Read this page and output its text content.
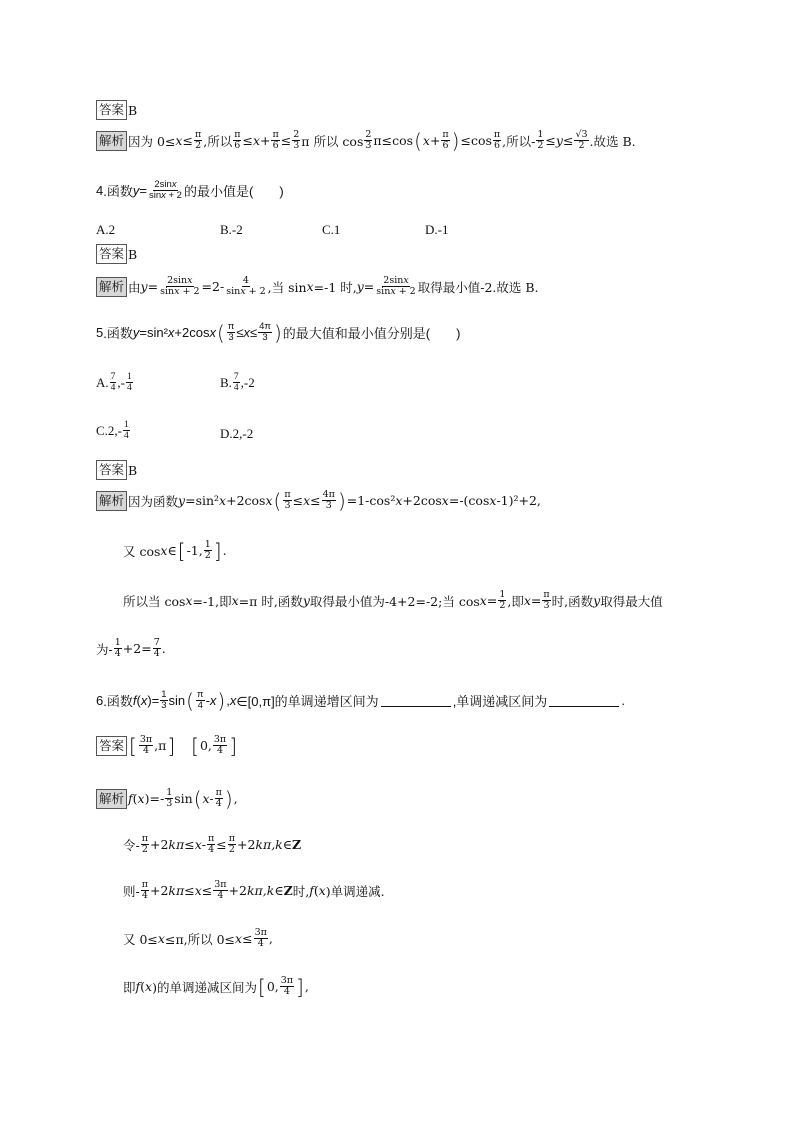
答案 B
解析 因为 $0\le x \le \frac{\pi}{2}$ ,所以 $\frac{\pi}{6} \le x + \frac{\pi}{6} \le \frac{2}{3}$ π 所以 $\cos \frac{2}{3} \pi\le\cos$ ( $x + \frac{\pi}{6}$ ) $\le\cos \frac{\pi}{6}$ ,所以- $\frac{1}{2} \le y \le \frac{√3}{2}$ .故选 B.
4 .函数 $y = \frac{2\sin x}{\sin x + 2}$ 的最小值是(　　)
A.2	B.-2	C.1	D.-1
答案 B
解析 由 $y = \frac{2\sin x}{\sin x + 2} =2- \frac{4}{\sin x + 2}$ ,当 sin x =-1 时, $y = \frac{2\sin x}{\sin x + 2}$ 取得最小值-2.故选 B.
5 .函数 y =sin² x +2cos x ( $\frac{\pi}{3} \le x \le \frac{4\pi}{3}$ ) 的最大值和最小值分别是(　　)
A. $\frac{7}{4}$ ,- $\frac{1}{4}$	B. $\frac{7}{4} ,-2$
$C.2,- \frac{1}{4}$	D.2,-2
答案 B
解析 因为函数 y =sin² x +2cos x ( $\frac{\pi}{3} \le x \le \frac{4\pi}{3}$ ) =1-cos² x +2cos x =-(cos x -1)²+2,
又 cos x ∈ [ -1, $\frac{1}{2}$ ] .
所以当 cos x =-1,即 x =π 时,函数 y 取得最小值为-4+2=-2;当 $\cos x = \frac{1}{2}$ ,即 $x = \frac{\pi}{3}$ 时,函数 y 取得最大值
为- $\frac{1}{4} +2= \frac{7}{4}$ .
6 .函数 f ( x )= $\frac{1}{3}$ sin ( $\frac{\pi}{4} -x$ ) , x ∈[0,π]的单调递增区间为	,单调递减区间为	.
答案 [ $\frac{3\pi}{4} ,\pi$ ] [ 0, $\frac{3\pi}{4}$ ]
解析 f ( x )=- $\frac{1}{3}$ sin ( $x- \frac{\pi}{4}$ ) ,
令- $\frac{\pi}{2} +2$ $k\pi\le x - \frac{\pi}{4} \le \frac{\pi}{2} +2$ kπ, k ∈ Z
则- $\frac{\pi}{4} +2$ $k\pi\le x \le \frac{3\pi}{4} +2$ kπ, k ∈ Z 时, f ( x )单调递减.
又 0≤ x ≤π,所以 $0\le x \le \frac{3\pi}{4}$ ,
即 f ( x )的单调递减区间为 [ 0, $\frac{3\pi}{4}$ ] ,
